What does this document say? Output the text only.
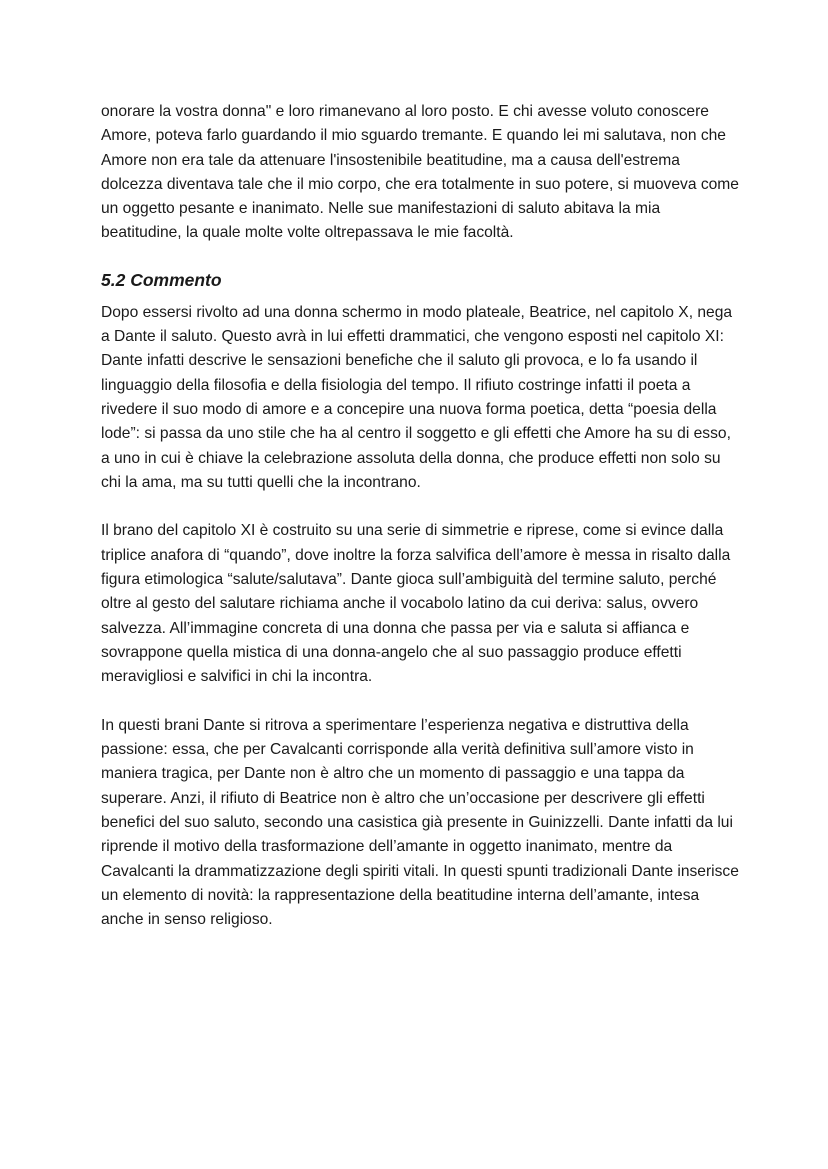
onorare la vostra donna" e loro rimanevano al loro posto. E chi avesse voluto conoscere Amore, poteva farlo guardando il mio sguardo tremante. E quando lei mi salutava, non che Amore non era tale da attenuare l'insostenibile beatitudine, ma a causa dell'estrema dolcezza diventava tale che il mio corpo, che era totalmente in suo potere, si muoveva come un oggetto pesante e inanimato. Nelle sue manifestazioni di saluto abitava la mia beatitudine, la quale molte volte oltrepassava le mie facoltà.

5.2 Commento

Dopo essersi rivolto ad una donna schermo in modo plateale, Beatrice, nel capitolo X, nega a Dante il saluto. Questo avrà in lui effetti drammatici, che vengono esposti nel capitolo XI: Dante infatti descrive le sensazioni benefiche che il saluto gli provoca, e lo fa usando il linguaggio della filosofia e della fisiologia del tempo. Il rifiuto costringe infatti il poeta a rivedere il suo modo di amore e a concepire una nuova forma poetica, detta “poesia della lode”: si passa da uno stile che ha al centro il soggetto e gli effetti che Amore ha su di esso, a uno in cui è chiave la celebrazione assoluta della donna, che produce effetti non solo su chi la ama, ma su tutti quelli che la incontrano.

Il brano del capitolo XI è costruito su una serie di simmetrie e riprese, come si evince dalla triplice anafora di “quando”, dove inoltre la forza salvifica dell’amore è messa in risalto dalla figura etimologica “salute/salutava”. Dante gioca sull’ambiguità del termine saluto, perché oltre al gesto del salutare richiama anche il vocabolo latino da cui deriva: salus, ovvero salvezza. All’immagine concreta di una donna che passa per via e saluta si affianca e sovrappone quella mistica di una donna-angelo che al suo passaggio produce effetti meravigliosi e salvifici in chi la incontra.

In questi brani Dante si ritrova a sperimentare l’esperienza negativa e distruttiva della passione: essa, che per Cavalcanti corrisponde alla verità definitiva sull’amore visto in maniera tragica, per Dante non è altro che un momento di passaggio e una tappa da superare. Anzi, il rifiuto di Beatrice non è altro che un’occasione per descrivere gli effetti benefici del suo saluto, secondo una casistica già presente in Guinizzelli. Dante infatti da lui riprende il motivo della trasformazione dell’amante in oggetto inanimato, mentre da Cavalcanti la drammatizzazione degli spiriti vitali. In questi spunti tradizionali Dante inserisce un elemento di novità: la rappresentazione della beatitudine interna dell’amante, intesa anche in senso religioso.
